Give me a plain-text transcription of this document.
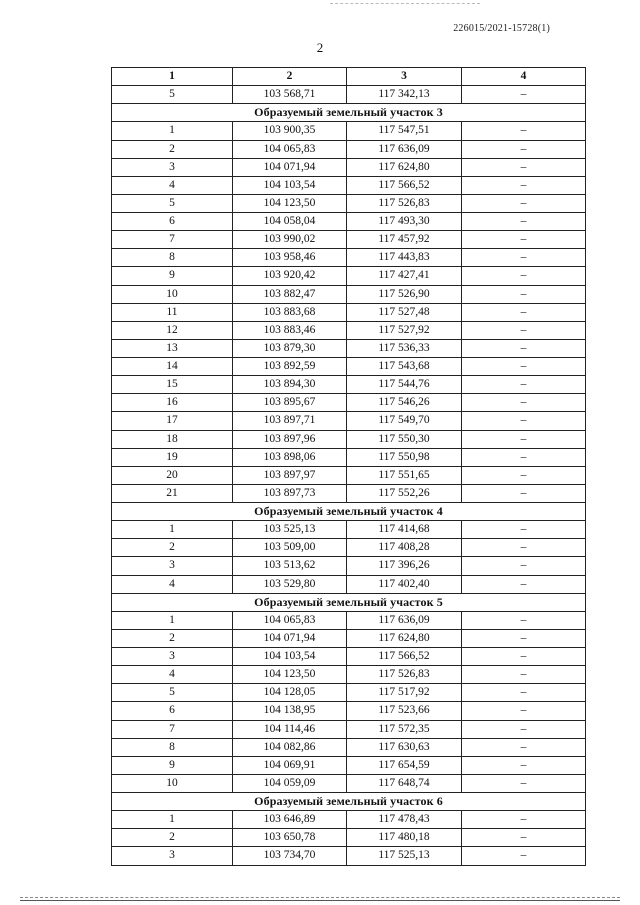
226015/2021-15728(1)
2
1	2	3	4
5	103 568,71	117 342,13	–
Образуемый земельный участок 3			
1	103 900,35	117 547,51	–
2	104 065,83	117 636,09	–
3	104 071,94	117 624,80	–
4	104 103,54	117 566,52	–
5	104 123,50	117 526,83	–
6	104 058,04	117 493,30	–
7	103 990,02	117 457,92	–
8	103 958,46	117 443,83	–
9	103 920,42	117 427,41	–
10	103 882,47	117 526,90	–
11	103 883,68	117 527,48	–
12	103 883,46	117 527,92	–
13	103 879,30	117 536,33	–
14	103 892,59	117 543,68	–
15	103 894,30	117 544,76	–
16	103 895,67	117 546,26	–
17	103 897,71	117 549,70	–
18	103 897,96	117 550,30	–
19	103 898,06	117 550,98	–
20	103 897,97	117 551,65	–
21	103 897,73	117 552,26	–
Образуемый земельный участок 4			
1	103 525,13	117 414,68	–
2	103 509,00	117 408,28	–
3	103 513,62	117 396,26	–
4	103 529,80	117 402,40	–
Образуемый земельный участок 5			
1	104 065,83	117 636,09	–
2	104 071,94	117 624,80	–
3	104 103,54	117 566,52	–
4	104 123,50	117 526,83	–
5	104 128,05	117 517,92	–
6	104 138,95	117 523,66	–
7	104 114,46	117 572,35	–
8	104 082,86	117 630,63	–
9	104 069,91	117 654,59	–
10	104 059,09	117 648,74	–
Образуемый земельный участок 6			
1	103 646,89	117 478,43	–
2	103 650,78	117 480,18	–
3	103 734,70	117 525,13	–
